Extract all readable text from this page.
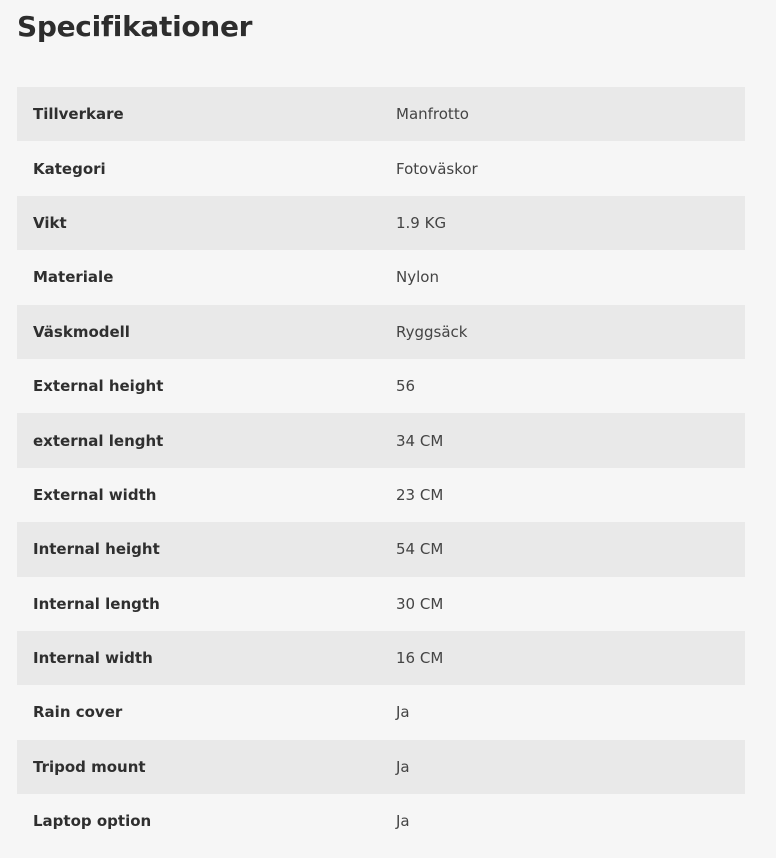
Specifikationer
Tillverkare	Manfrotto
Kategori	Fotoväskor
Vikt	1.9 KG
Materiale	Nylon
Väskmodell	Ryggsäck
External height	56
external lenght	34 CM
External width	23 CM
Internal height	54 CM
Internal length	30 CM
Internal width	16 CM
Rain cover	Ja
Tripod mount	Ja
Laptop option	Ja
